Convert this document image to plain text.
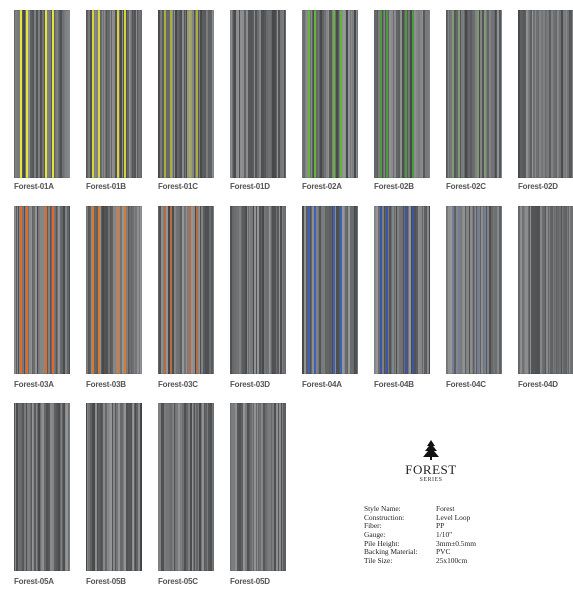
Forest-01A	Forest-01B	Forest-01C	Forest-01D	Forest-02A	Forest-02B	Forest-02C	Forest-02D
Forest-03A	Forest-03B	Forest-03C	Forest-03D	Forest-04A	Forest-04B	Forest-04C	Forest-04D
Forest-05A	Forest-05B	Forest-05C	Forest-05D
FOREST
SERIES
Style Name:	Forest
Construction:	Level Loop
Fiber:	PP
Gauge:	1/10"
Pile Height:	3mm±0.5mm
Backing Material:	PVC
Tile Size:	25x100cm
